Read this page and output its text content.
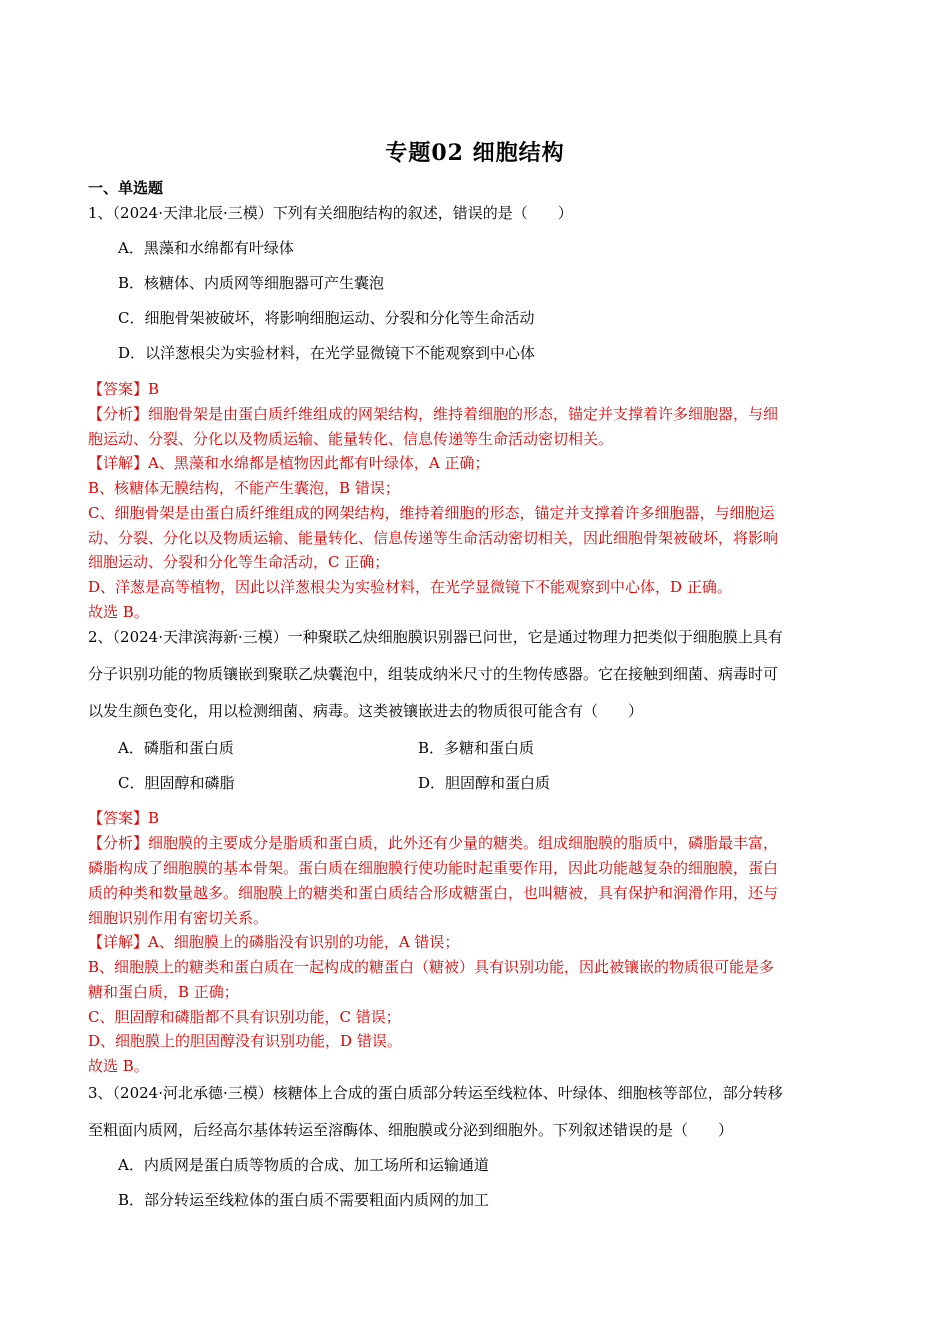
专题02 细胞结构
一、单选题
1、（2024·天津北辰·三模）下列有关细胞结构的叙述，错误的是（　　）
A．黑藻和水绵都有叶绿体
B．核糖体、内质网等细胞器可产生囊泡
C．细胞骨架被破坏，将影响细胞运动、分裂和分化等生命活动
D．以洋葱根尖为实验材料，在光学显微镜下不能观察到中心体
【答案】B
【分析】细胞骨架是由蛋白质纤维组成的网架结构，维持着细胞的形态，锚定并支撑着许多细胞器，与细
胞运动、分裂、分化以及物质运输、能量转化、信息传递等生命活动密切相关。
【详解】A、黑藻和水绵都是植物因此都有叶绿体，A 正确；
B、核糖体无膜结构，不能产生囊泡，B 错误；
C、细胞骨架是由蛋白质纤维组成的网架结构，维持着细胞的形态，锚定并支撑着许多细胞器，与细胞运
动、分裂、分化以及物质运输、能量转化、信息传递等生命活动密切相关，因此细胞骨架被破坏，将影响
细胞运动、分裂和分化等生命活动，C 正确；
D、洋葱是高等植物，因此以洋葱根尖为实验材料，在光学显微镜下不能观察到中心体，D 正确。
故选 B。
2、（2024·天津滨海新·三模）一种聚联乙炔细胞膜识别器已问世，它是通过物理力把类似于细胞膜上具有
分子识别功能的物质镶嵌到聚联乙炔囊泡中，组装成纳米尺寸的生物传感器。它在接触到细菌、病毒时可
以发生颜色变化，用以检测细菌、病毒。这类被镶嵌进去的物质很可能含有（　　）
A．磷脂和蛋白质	B．多糖和蛋白质
C．胆固醇和磷脂	D．胆固醇和蛋白质
【答案】B
【分析】细胞膜的主要成分是脂质和蛋白质，此外还有少量的糖类。组成细胞膜的脂质中，磷脂最丰富，
磷脂构成了细胞膜的基本骨架。蛋白质在细胞膜行使功能时起重要作用，因此功能越复杂的细胞膜，蛋白
质的种类和数量越多。细胞膜上的糖类和蛋白质结合形成糖蛋白，也叫糖被，具有保护和润滑作用，还与
细胞识别作用有密切关系。
【详解】A、细胞膜上的磷脂没有识别的功能，A 错误；
B、细胞膜上的糖类和蛋白质在一起构成的糖蛋白（糖被）具有识别功能，因此被镶嵌的物质很可能是多
糖和蛋白质，B 正确；
C、胆固醇和磷脂都不具有识别功能，C 错误；
D、细胞膜上的胆固醇没有识别功能，D 错误。
故选 B。
3、（2024·河北承德·三模）核糖体上合成的蛋白质部分转运至线粒体、叶绿体、细胞核等部位，部分转移
至粗面内质网，后经高尔基体转运至溶酶体、细胞膜或分泌到细胞外。下列叙述错误的是（　　）
A．内质网是蛋白质等物质的合成、加工场所和运输通道
B．部分转运至线粒体的蛋白质不需要粗面内质网的加工
